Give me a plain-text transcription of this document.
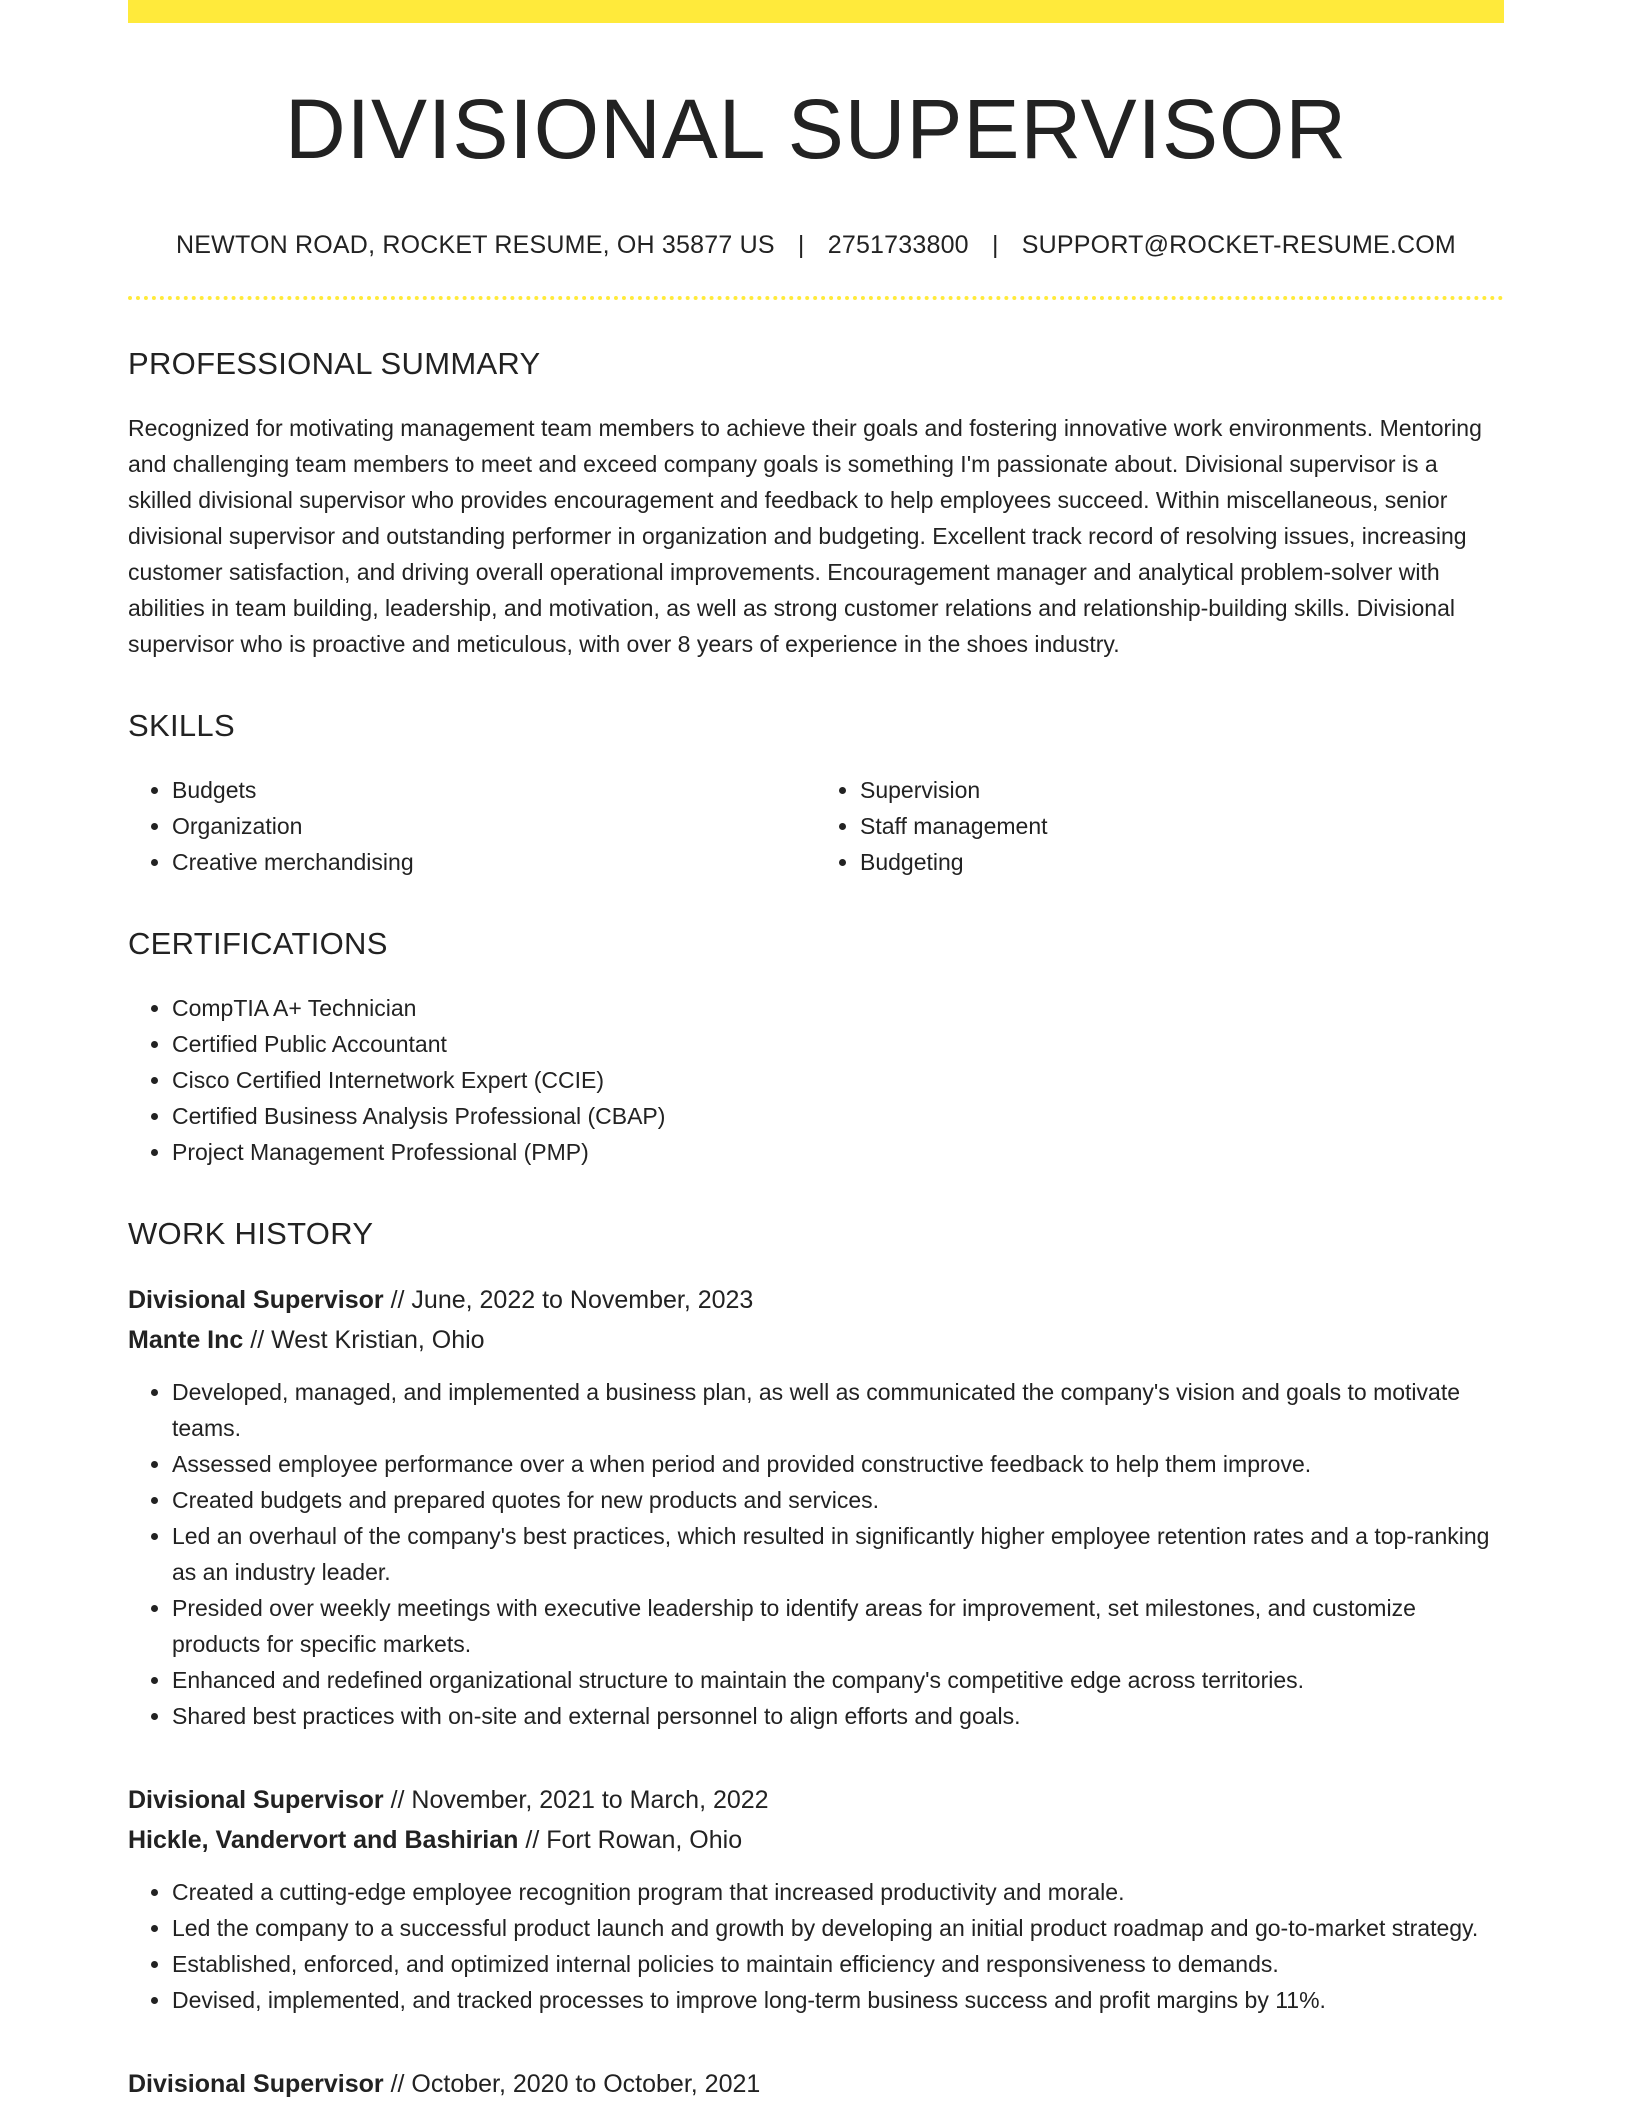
DIVISIONAL SUPERVISOR
NEWTON ROAD, ROCKET RESUME, OH 35877 US | 2751733800 | SUPPORT@ROCKET-RESUME.COM
PROFESSIONAL SUMMARY
Recognized for motivating management team members to achieve their goals and fostering innovative work environments. Mentoring and challenging team members to meet and exceed company goals is something I'm passionate about. Divisional supervisor is a skilled divisional supervisor who provides encouragement and feedback to help employees succeed. Within miscellaneous, senior divisional supervisor and outstanding performer in organization and budgeting. Excellent track record of resolving issues, increasing customer satisfaction, and driving overall operational improvements. Encouragement manager and analytical problem-solver with abilities in team building, leadership, and motivation, as well as strong customer relations and relationship-building skills. Divisional supervisor who is proactive and meticulous, with over 8 years of experience in the shoes industry.
SKILLS
• Budgets
• Organization
• Creative merchandising
• Supervision
• Staff management
• Budgeting
CERTIFICATIONS
• CompTIA A+ Technician
• Certified Public Accountant
• Cisco Certified Internetwork Expert (CCIE)
• Certified Business Analysis Professional (CBAP)
• Project Management Professional (PMP)
WORK HISTORY
Divisional Supervisor // June, 2022 to November, 2023
Mante Inc // West Kristian, Ohio
• Developed, managed, and implemented a business plan, as well as communicated the company's vision and goals to motivate teams.
• Assessed employee performance over a when period and provided constructive feedback to help them improve.
• Created budgets and prepared quotes for new products and services.
• Led an overhaul of the company's best practices, which resulted in significantly higher employee retention rates and a top-ranking as an industry leader.
• Presided over weekly meetings with executive leadership to identify areas for improvement, set milestones, and customize products for specific markets.
• Enhanced and redefined organizational structure to maintain the company's competitive edge across territories.
• Shared best practices with on-site and external personnel to align efforts and goals.
Divisional Supervisor // November, 2021 to March, 2022
Hickle, Vandervort and Bashirian // Fort Rowan, Ohio
• Created a cutting-edge employee recognition program that increased productivity and morale.
• Led the company to a successful product launch and growth by developing an initial product roadmap and go-to-market strategy.
• Established, enforced, and optimized internal policies to maintain efficiency and responsiveness to demands.
• Devised, implemented, and tracked processes to improve long-term business success and profit margins by 11%.
Divisional Supervisor // October, 2020 to October, 2021
